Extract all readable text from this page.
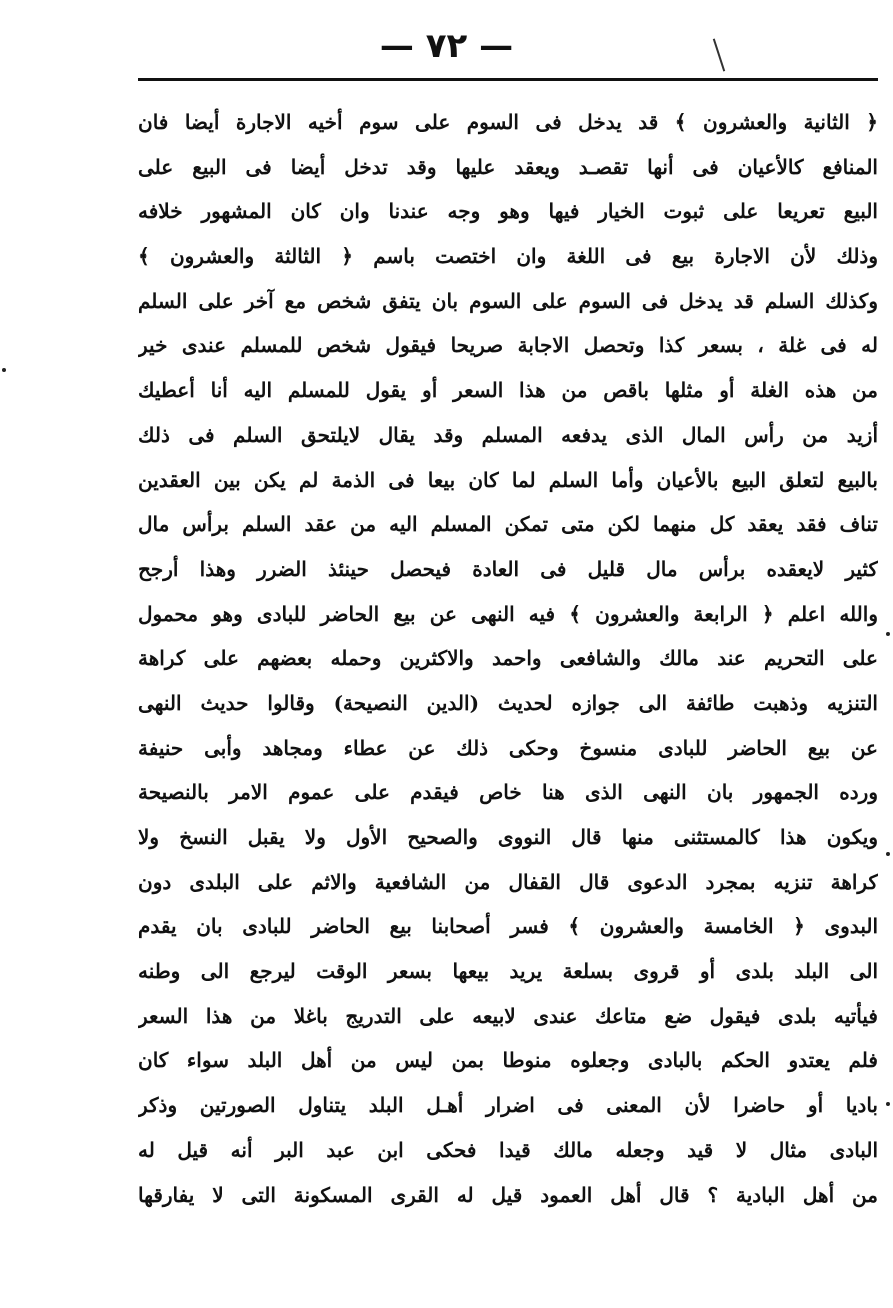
— ٧٢ —
﴿ الثانية والعشرون ﴾ قد يدخل فى السوم على سوم أخيه الاجارة أيضا فان
المنافع كالأعيان فى أنها تقصـد ويعقد عليها وقد تدخل أيضا فى البيع على
البيع تعريعا على ثبوت الخيار فيها وهو وجه عندنا وان كان المشهور خلافه
وذلك لأن الاجارة بيع فى اللغة وان اختصت باسم ﴿ الثالثة والعشرون ﴾
وكذلك السلم قد يدخل فى السوم على السوم بان يتفق شخص مع آخر على السلم
له فى غلة ، بسعر كذا وتحصل الاجابة صريحا فيقول شخص للمسلم عندى خير
من هذه الغلة أو مثلها باقص من هذا السعر أو يقول للمسلم اليه أنا أعطيك
أزيد من رأس المال الذى يدفعه المسلم وقد يقال لايلتحق السلم فى ذلك
بالبيع لتعلق البيع بالأعيان وأما السلم لما كان بيعا فى الذمة لم يكن بين العقدين
تناف فقد يعقد كل منهما لكن متى تمكن المسلم اليه من عقد السلم برأس مال
كثير لايعقده برأس مال قليل فى العادة فيحصل حينئذ الضرر وهذا أرجح
والله اعلم ﴿ الرابعة والعشرون ﴾ فيه النهى عن بيع الحاضر للبادى وهو محمول
على التحريم عند مالك والشافعى واحمد والاكثرين وحمله بعضهم على كراهة
التنزيه وذهبت طائفة الى جوازه لحديث (الدين النصيحة) وقالوا حديث النهى
عن بيع الحاضر للبادى منسوخ وحكى ذلك عن عطاء ومجاهد وأبى حنيفة
ورده الجمهور بان النهى الذى هنا خاص فيقدم على عموم الامر بالنصيحة
ويكون هذا كالمستثنى منها قال النووى والصحيح الأول ولا يقبل النسخ ولا
كراهة تنزيه بمجرد الدعوى قال القفال من الشافعية والاثم على البلدى دون
البدوى ﴿ الخامسة والعشرون ﴾ فسر أصحابنا بيع الحاضر للبادى بان يقدم
الى البلد بلدى أو قروى بسلعة يريد بيعها بسعر الوقت ليرجع الى وطنه
فيأتيه بلدى فيقول ضع متاعك عندى لابيعه على التدريج باغلا من هذا السعر
فلم يعتدو الحكم بالبادى وجعلوه منوطا بمن ليس من أهل البلد سواء كان
باديا أو حاضرا لأن المعنى فى اضرار أهـل البلد يتناول الصورتين وذكر
البادى مثال لا قيد وجعله مالك قيدا فحكى ابن عبد البر أنه قيل له
من أهل البادية ؟ قال أهل العمود قيل له القرى المسكونة التى لا يفارقها
